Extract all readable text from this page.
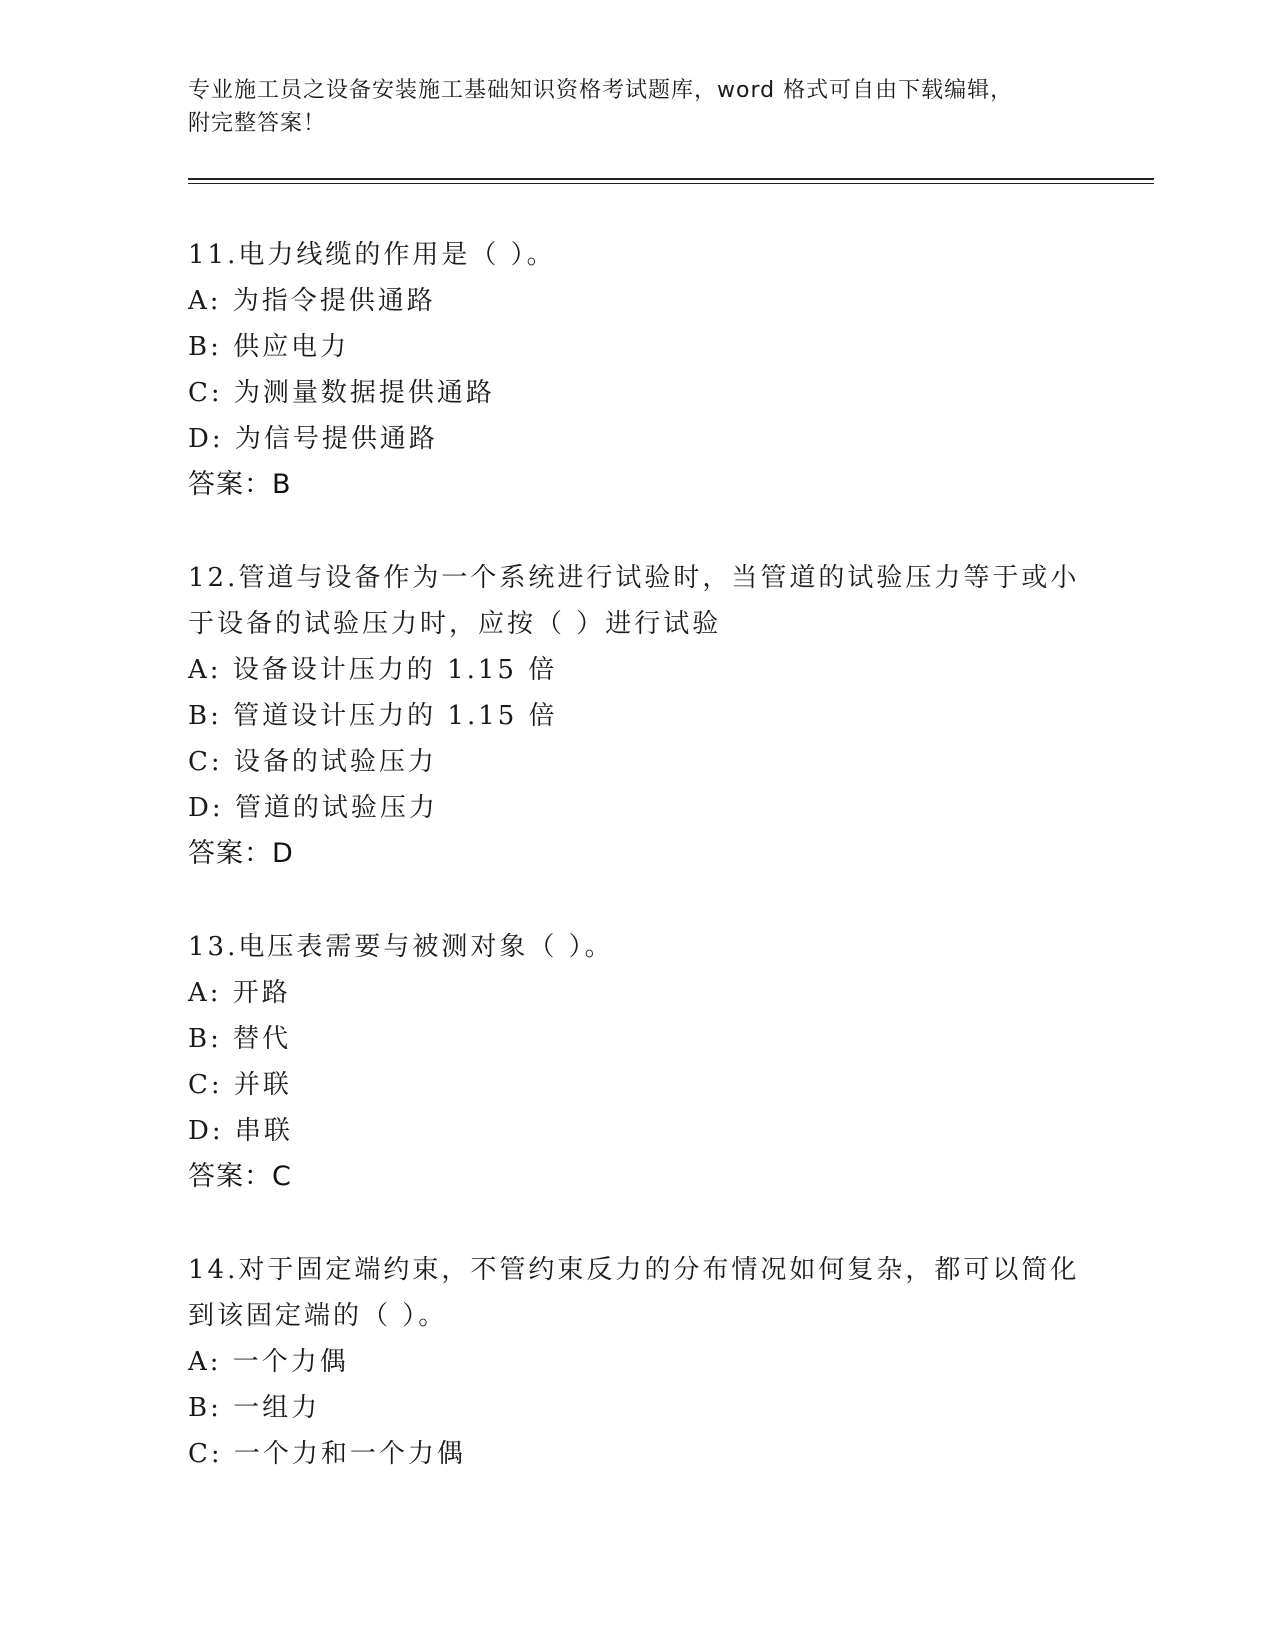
专业施工员之设备安装施工基础知识资格考试题库，word 格式可自由下载编辑，

附完整答案！

11.电力线缆的作用是（ ）。

A: 为指令提供通路

B: 供应电力

C: 为测量数据提供通路

D: 为信号提供通路

答案：B

12.管道与设备作为一个系统进行试验时，当管道的试验压力等于或小于设备的试验压力时，应按（ ）进行试验

A: 设备设计压力的 1.15 倍

B: 管道设计压力的 1.15 倍

C: 设备的试验压力

D: 管道的试验压力

答案：D

13.电压表需要与被测对象（ ）。

A: 开路

B: 替代

C: 并联

D: 串联

答案：C

14.对于固定端约束，不管约束反力的分布情况如何复杂，都可以简化到该固定端的（ ）。

A: 一个力偶

B: 一组力

C: 一个力和一个力偶
